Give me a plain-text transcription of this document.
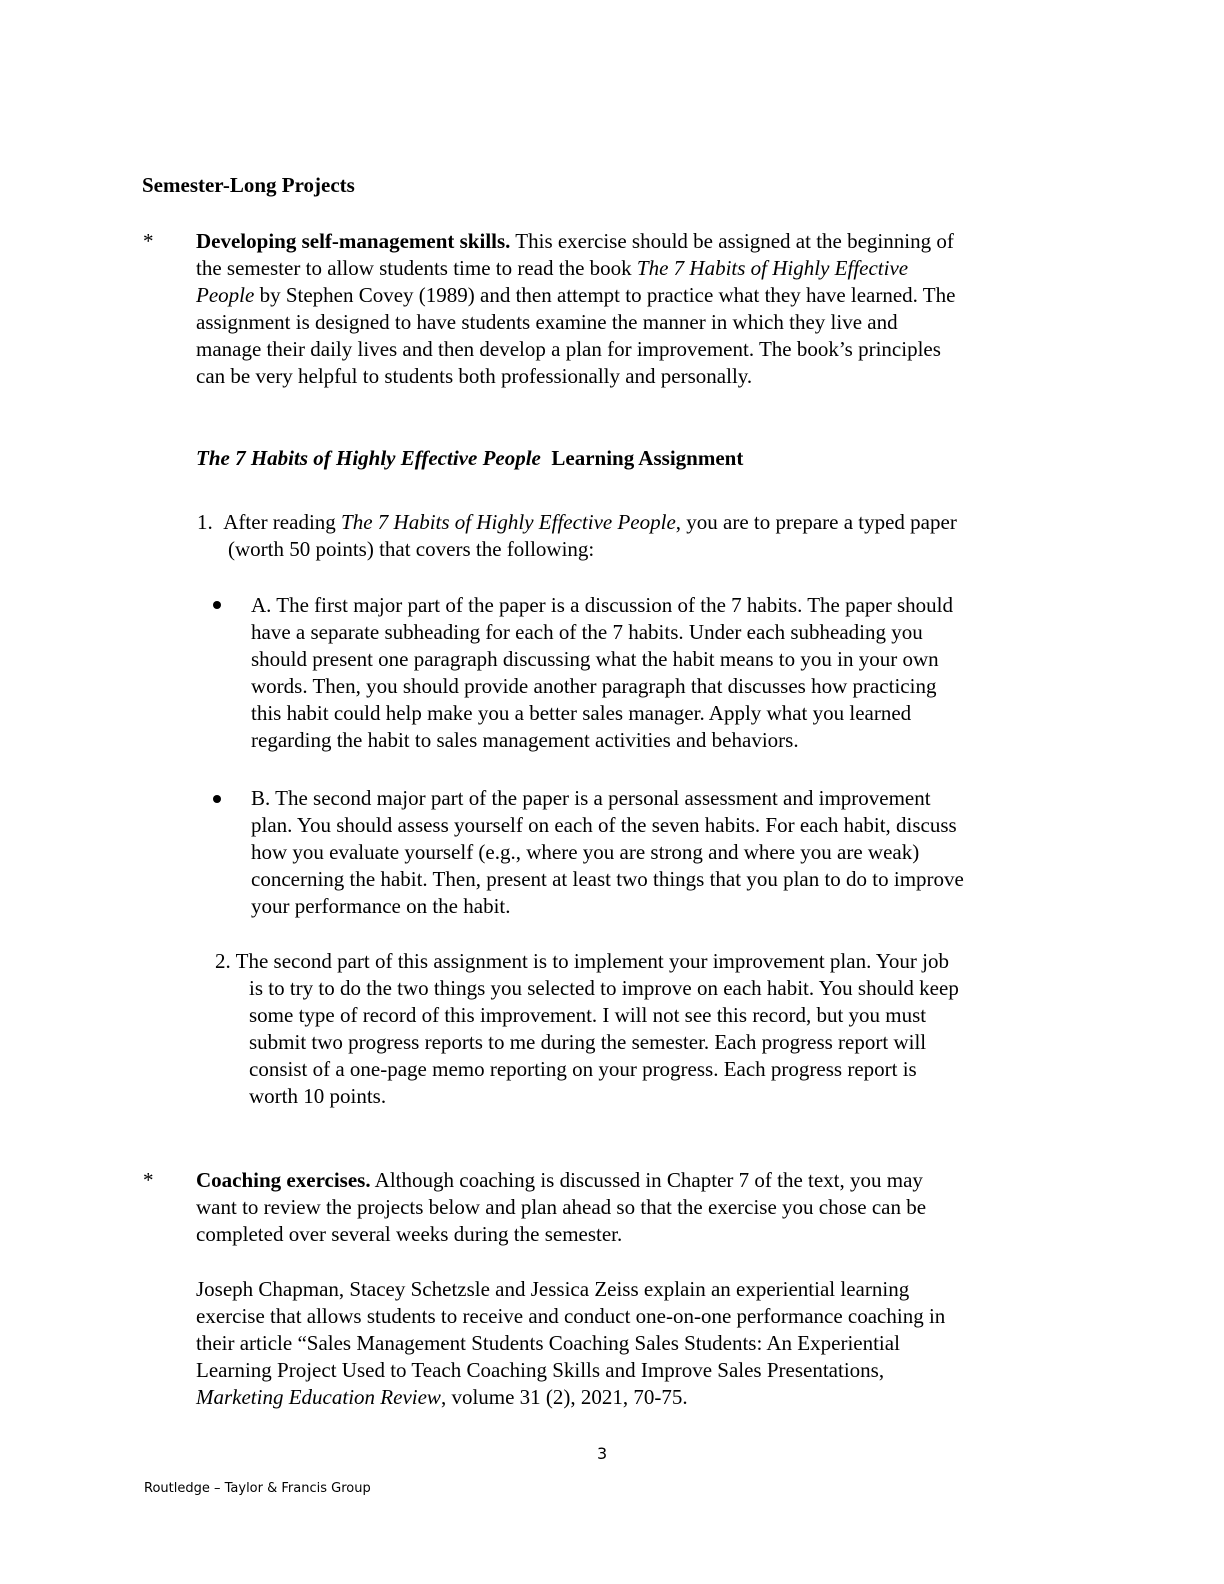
Semester-Long Projects
* Developing self-management skills. This exercise should be assigned at the beginning of
the semester to allow students time to read the book The 7 Habits of Highly Effective
People by Stephen Covey (1989) and then attempt to practice what they have learned. The
assignment is designed to have students examine the manner in which they live and
manage their daily lives and then develop a plan for improvement. The book’s principles
can be very helpful to students both professionally and personally.
The 7 Habits of Highly Effective People  Learning Assignment
1. After reading The 7 Habits of Highly Effective People, you are to prepare a typed paper
(worth 50 points) that covers the following:
A. The first major part of the paper is a discussion of the 7 habits. The paper should
have a separate subheading for each of the 7 habits. Under each subheading you
should present one paragraph discussing what the habit means to you in your own
words. Then, you should provide another paragraph that discusses how practicing
this habit could help make you a better sales manager. Apply what you learned
regarding the habit to sales management activities and behaviors.
B. The second major part of the paper is a personal assessment and improvement
plan. You should assess yourself on each of the seven habits. For each habit, discuss
how you evaluate yourself (e.g., where you are strong and where you are weak)
concerning the habit. Then, present at least two things that you plan to do to improve
your performance on the habit.
2. The second part of this assignment is to implement your improvement plan. Your job
is to try to do the two things you selected to improve on each habit. You should keep
some type of record of this improvement. I will not see this record, but you must
submit two progress reports to me during the semester. Each progress report will
consist of a one-page memo reporting on your progress. Each progress report is
worth 10 points.
* Coaching exercises. Although coaching is discussed in Chapter 7 of the text, you may
want to review the projects below and plan ahead so that the exercise you chose can be
completed over several weeks during the semester.
Joseph Chapman, Stacey Schetzsle and Jessica Zeiss explain an experiential learning
exercise that allows students to receive and conduct one-on-one performance coaching in
their article “Sales Management Students Coaching Sales Students: An Experiential
Learning Project Used to Teach Coaching Skills and Improve Sales Presentations,
Marketing Education Review, volume 31 (2), 2021, 70-75.
3
Routledge – Taylor & Francis Group
